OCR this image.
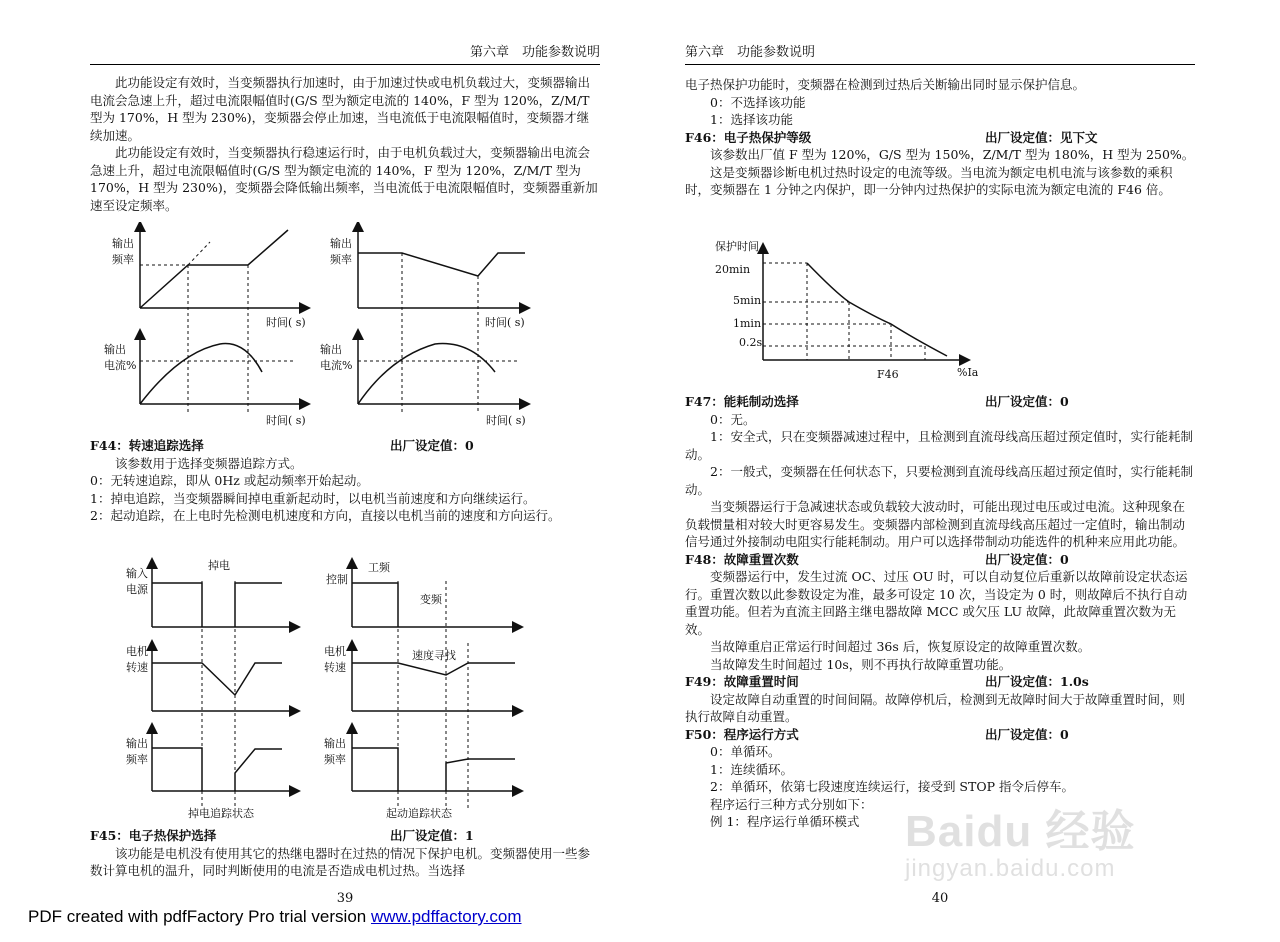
第六章　功能参数说明

此功能设定有效时，当变频器执行加速时，由于加速过快或电机负载过大，变频器输出电流会急速上升，超过电流限幅值时(G/S 型为额定电流的 140%，F 型为 120%，Z/M/T 型为 170%，H 型为 230%)，变频器会停止加速，当电流低于电流限幅值时，变频器才继续加速。

此功能设定有效时，当变频器执行稳速运行时，由于电机负载过大，变频器输出电流会急速上升，超过电流限幅值时(G/S 型为额定电流的 140%，F 型为 120%，Z/M/T 型为 170%，H 型为 230%)，变频器会降低输出频率，当电流低于电流限幅值时，变频器重新加速至设定频率。

输出
频率
时间( s)
输出
电流%
时间( s)
输出
频率
时间( s)
输出
电流%
时间( s)
F44：转速追踪选择	出厂设定值：0

该参数用于选择变频器追踪方式。

0：无转速追踪，即从 0Hz 或起动频率开始起动。

1：掉电追踪，当变频器瞬间掉电重新起动时，以电机当前速度和方向继续运行。

2：起动追踪，在上电时先检测电机速度和方向，直接以电机当前的速度和方向运行。

掉电
输入
电源
电机
转速
输出
频率
掉电追踪状态
控制
工频
变频
电机
转速
速度寻找
输出
频率
起动追踪状态
F45：电子热保护选择	出厂设定值：1

该功能是电机没有使用其它的热继电器时在过热的情况下保护电机。变频器使用一些参数计算电机的温升，同时判断使用的电流是否造成电机过热。当选择

39
第六章　功能参数说明

电子热保护功能时，变频器在检测到过热后关断输出同时显示保护信息。

0：不选择该功能

1：选择该功能

F46：电子热保护等级	出厂设定值：见下文

该参数出厂值 F 型为 120%，G/S 型为 150%，Z/M/T 型为 180%，H 型为 250%。

这是变频器诊断电机过热时设定的电流等级。当电流为额定电机电流与该参数的乘积时，变频器在 1 分钟之内保护，即一分钟内过热保护的实际电流为额定电流的 F46 倍。

保护时间
20min
5min
1min
0.2s
F46	%Ia
F47：能耗制动选择	出厂设定值：0

0：无。

1：安全式，只在变频器减速过程中，且检测到直流母线高压超过预定值时，实行能耗制动。

2：一般式，变频器在任何状态下，只要检测到直流母线高压超过预定值时，实行能耗制动。

当变频器运行于急减速状态或负载较大波动时，可能出现过电压或过电流。这种现象在负载惯量相对较大时更容易发生。变频器内部检测到直流母线高压超过一定值时，输出制动信号通过外接制动电阻实行能耗制动。用户可以选择带制动功能选件的机种来应用此功能。

F48：故障重置次数	出厂设定值：0

变频器运行中，发生过流 OC、过压 OU 时，可以自动复位后重新以故障前设定状态运行。重置次数以此参数设定为准，最多可设定 10 次，当设定为 0 时，则故障后不执行自动重置功能。但若为直流主回路主继电器故障 MCC 或欠压 LU 故障，此故障重置次数为无效。

当故障重启正常运行时间超过 36s 后，恢复原设定的故障重置次数。

当故障发生时间超过 10s，则不再执行故障重置功能。

F49：故障重置时间	出厂设定值：1.0s

设定故障自动重置的时间间隔。故障停机后，检测到无故障时间大于故障重置时间，则执行故障自动重置。

F50：程序运行方式	出厂设定值：0

0：单循环。

1：连续循环。

2：单循环，依第七段速度连续运行，接受到 STOP 指令后停车。

程序运行三种方式分别如下：

例 1：程序运行单循环模式

40
Baidu 经验
jingyan.baidu.com
PDF created with pdfFactory Pro trial version www.pdffactory.com
